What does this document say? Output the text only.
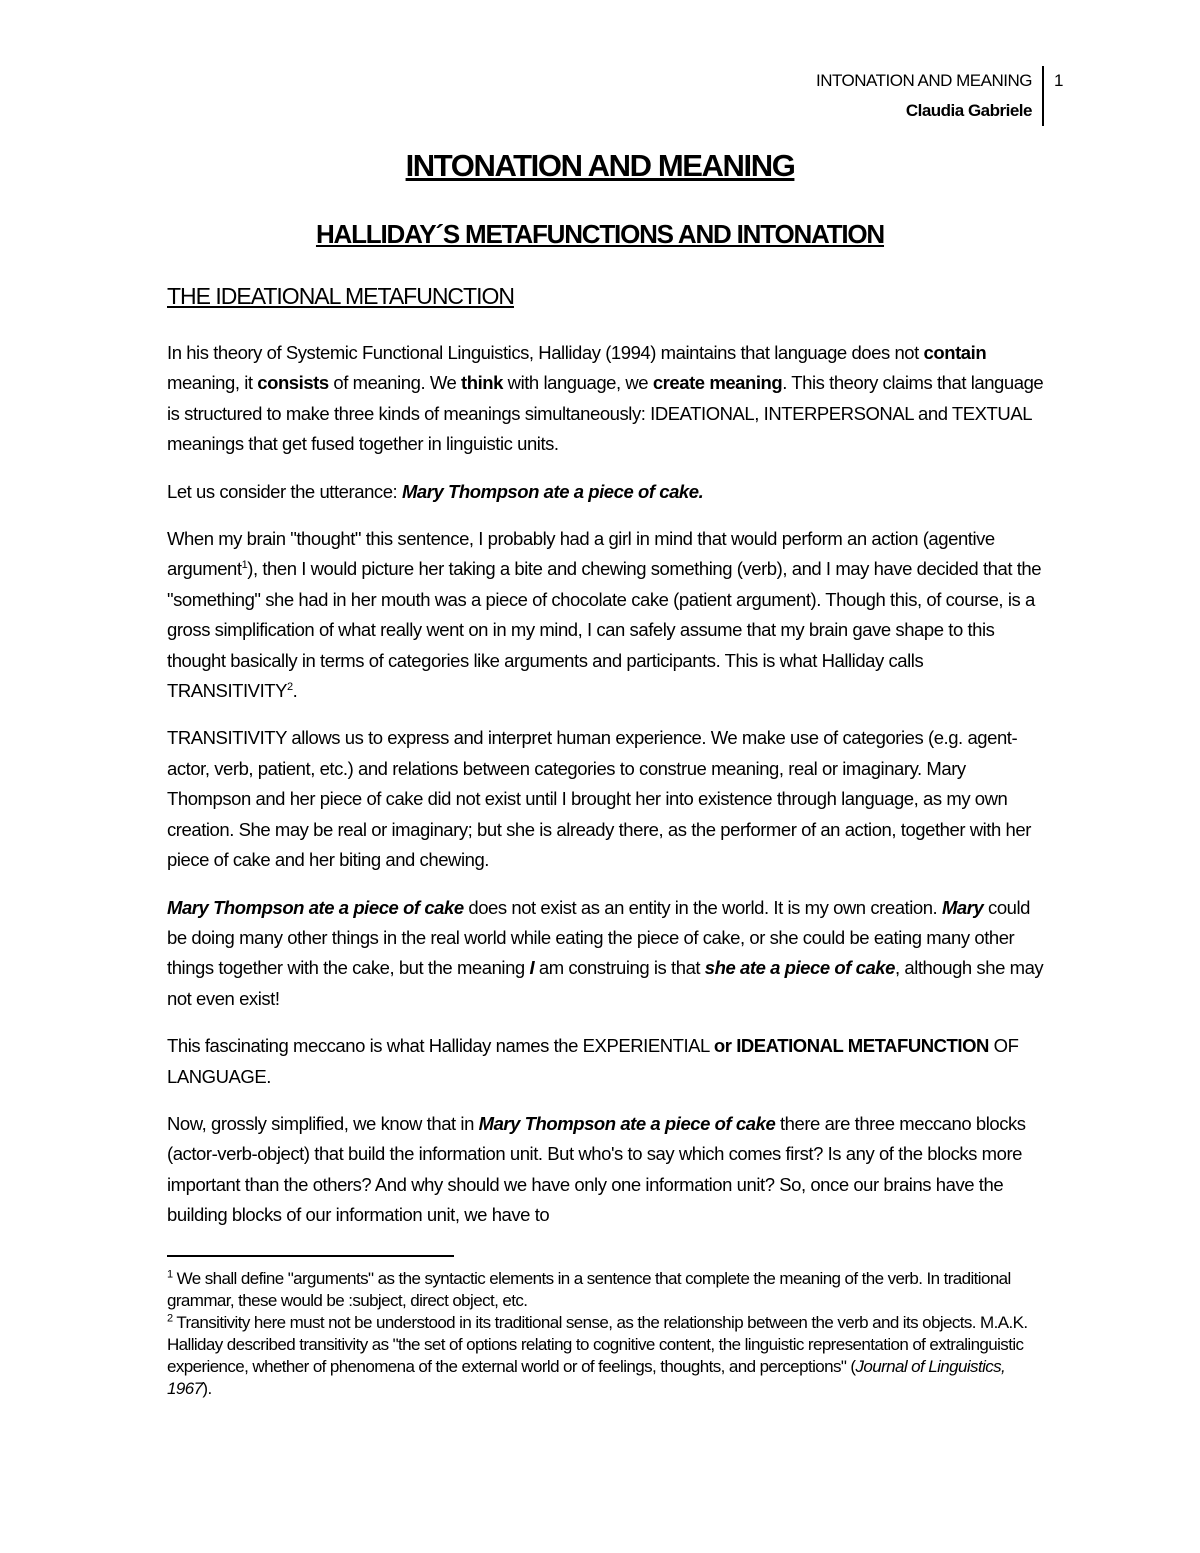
INTONATION AND MEANING
Claudia Gabriele
1
INTONATION AND MEANING
HALLIDAY´S METAFUNCTIONS AND INTONATION
THE IDEATIONAL METAFUNCTION

In his theory of Systemic Functional Linguistics, Halliday (1994) maintains that language does not contain meaning, it consists of meaning. We think with language, we create meaning. This theory claims that language is structured to make three kinds of meanings simultaneously: IDEATIONAL, INTERPERSONAL and TEXTUAL meanings that get fused together in linguistic units.

Let us consider the utterance: Mary Thompson ate a piece of cake.

When my brain "thought" this sentence, I probably had a girl in mind that would perform an action (agentive argument$^1$), then I would picture her taking a bite and chewing something (verb), and I may have decided that the "something" she had in her mouth was a piece of chocolate cake (patient argument). Though this, of course, is a gross simplification of what really went on in my mind, I can safely assume that my brain gave shape to this thought basically in terms of categories like arguments and participants. This is what Halliday calls TRANSITIVITY$^2$.

TRANSITIVITY allows us to express and interpret human experience. We make use of categories (e.g. agent-actor, verb, patient, etc.) and relations between categories to construe meaning, real or imaginary. Mary Thompson and her piece of cake did not exist until I brought her into existence through language, as my own creation. She may be real or imaginary; but she is already there, as the performer of an action, together with her piece of cake and her biting and chewing.

Mary Thompson ate a piece of cake does not exist as an entity in the world. It is my own creation. Mary could be doing many other things in the real world while eating the piece of cake, or she could be eating many other things together with the cake, but the meaning I am construing is that she ate a piece of cake, although she may not even exist!

This fascinating meccano is what Halliday names the EXPERIENTIAL or IDEATIONAL METAFUNCTION OF LANGUAGE.

Now, grossly simplified, we know that in Mary Thompson ate a piece of cake there are three meccano blocks (actor-verb-object) that build the information unit. But who's to say which comes first? Is any of the blocks more important than the others? And why should we have only one information unit? So, once our brains have the building blocks of our information unit, we have to

$^1$ We shall define "arguments" as the syntactic elements in a sentence that complete the meaning of the verb. In traditional grammar, these would be :subject, direct object, etc.

$^2$ Transitivity here must not be understood in its traditional sense, as the relationship between the verb and its objects. M.A.K. Halliday described transitivity as "the set of options relating to cognitive content, the linguistic representation of extralinguistic experience, whether of phenomena of the external world or of feelings, thoughts, and perceptions" (Journal of Linguistics, 1967).
